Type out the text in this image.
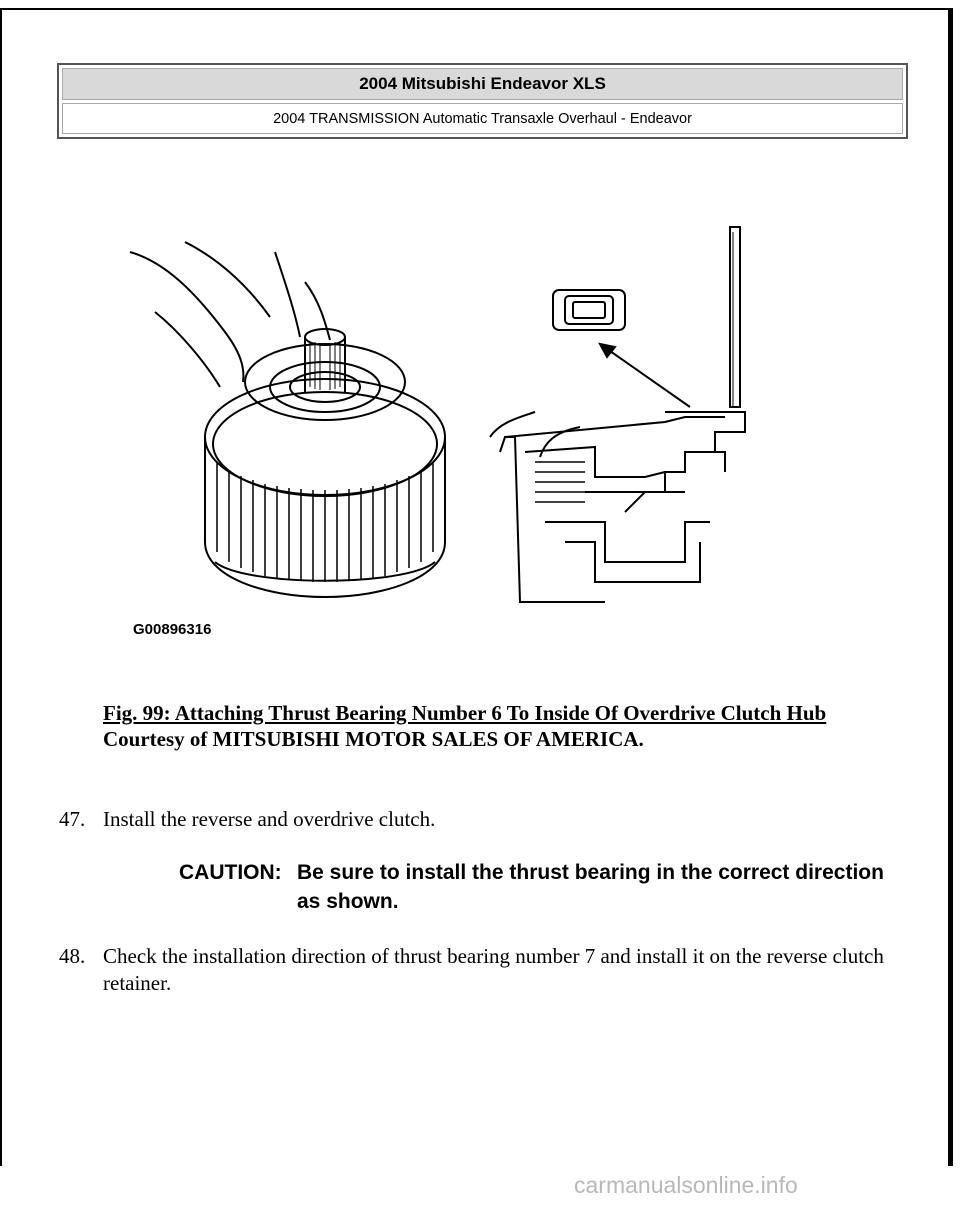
2004 Mitsubishi Endeavor XLS
2004 TRANSMISSION Automatic Transaxle Overhaul - Endeavor
G00896316
Fig. 99: Attaching Thrust Bearing Number 6 To Inside Of Overdrive Clutch Hub
Courtesy of MITSUBISHI MOTOR SALES OF AMERICA.
47. Install the reverse and overdrive clutch.
CAUTION: Be sure to install the thrust bearing in the correct direction as shown.
48. Check the installation direction of thrust bearing number 7 and install it on the reverse clutch retainer.
carmanualsonline.info
